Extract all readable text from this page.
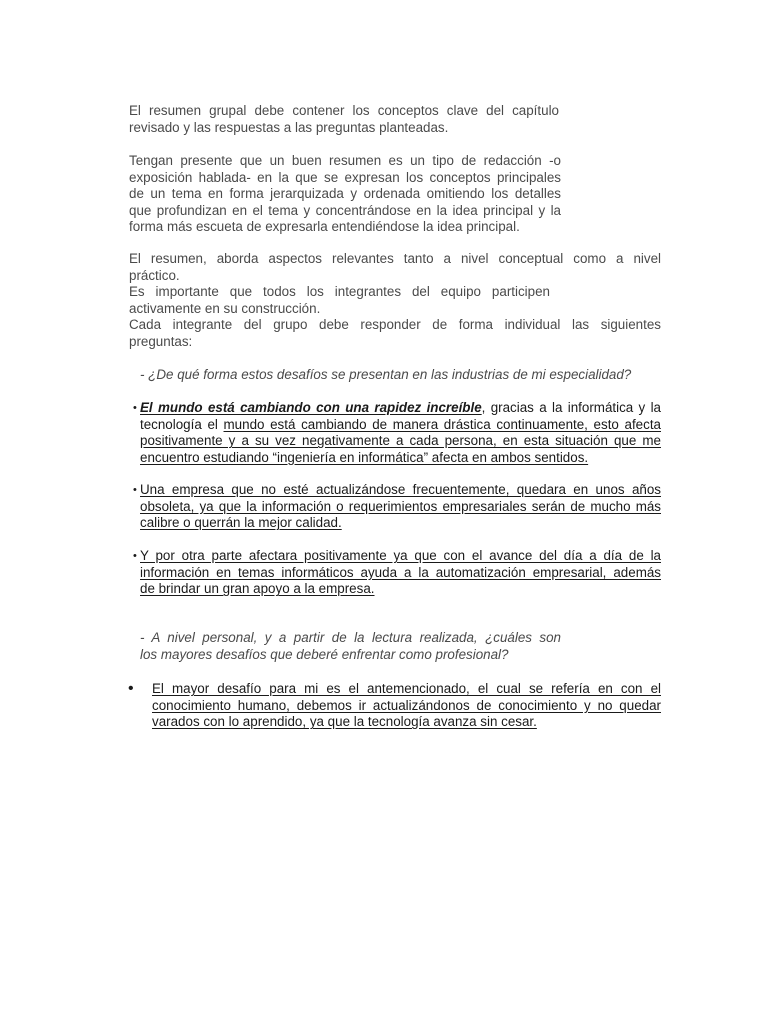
El resumen grupal debe contener los conceptos clave del capítulo
revisado y las respuestas a las preguntas planteadas.
Tengan presente que un buen resumen es un tipo de redacción -o
exposición hablada- en la que se expresan los conceptos principales
de un tema en forma jerarquizada y ordenada omitiendo los detalles
que profundizan en el tema y concentrándose en la idea principal y la
forma más escueta de expresarla entendiéndose la idea principal.
El resumen, aborda aspectos relevantes tanto a nivel conceptual como a nivel
práctico.
Es importante que todos los integrantes del equipo participen
activamente en su construcción.
Cada integrante del grupo debe responder de forma individual las siguientes
preguntas:
- ¿De qué forma estos desafíos se presentan en las industrias de mi especialidad?
• El mundo está cambiando con una rapidez increíble, gracias a la informática y la
tecnología el mundo está cambiando de manera drástica continuamente, esto afecta
positivamente y a su vez negativamente a cada persona, en esta situación que me
encuentro estudiando “ingeniería en informática” afecta en ambos sentidos.
• Una empresa que no esté actualizándose frecuentemente, quedara en unos años
obsoleta, ya que la información o requerimientos empresariales serán de mucho más
calibre o querrán la mejor calidad.
• Y por otra parte afectara positivamente ya que con el avance del día a día de la
información en temas informáticos ayuda a la automatización empresarial, además
de brindar un gran apoyo a la empresa.
- A nivel personal, y a partir de la lectura realizada, ¿cuáles son
los mayores desafíos que deberé enfrentar como profesional?
• El mayor desafío para mi es el antemencionado, el cual se refería en con el
conocimiento humano, debemos ir actualizándonos de conocimiento y no quedar
varados con lo aprendido, ya que la tecnología avanza sin cesar.
